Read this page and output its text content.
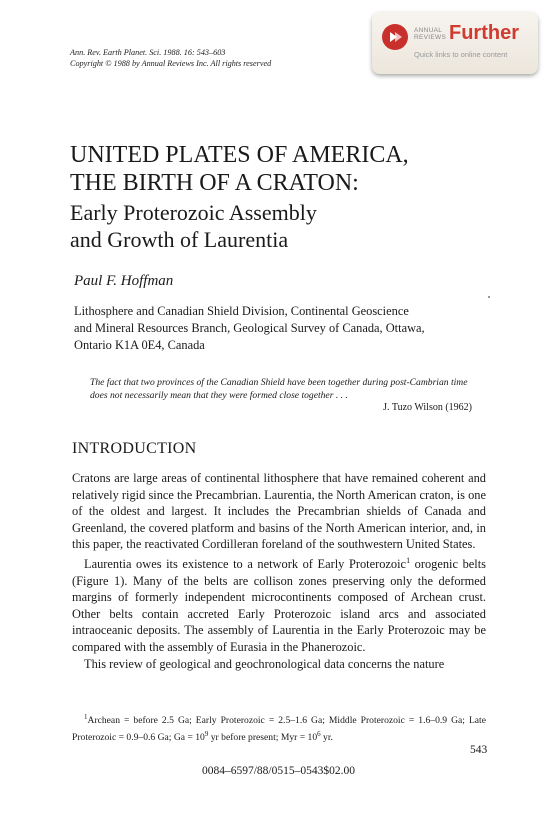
Ann. Rev. Earth Planet. Sci. 1988. 16: 543–603
Copyright © 1988 by Annual Reviews Inc. All rights reserved
ANNUAL
REVIEWS Further
Quick links to online content
UNITED PLATES OF AMERICA,
THE BIRTH OF A CRATON:
Early Proterozoic Assembly
and Growth of Laurentia
Paul F. Hoffman
Lithosphere and Canadian Shield Division, Continental Geoscience
and Mineral Resources Branch, Geological Survey of Canada, Ottawa,
Ontario K1A 0E4, Canada
The fact that two provinces of the Canadian Shield have been together during post-Cambrian time does not necessarily mean that they were formed close together . . .
J. Tuzo Wilson (1962)
INTRODUCTION

Cratons are large areas of continental lithosphere that have remained coherent and relatively rigid since the Precambrian. Laurentia, the North American craton, is one of the oldest and largest. It includes the Precambrian shields of Canada and Greenland, the covered platform and basins of the North American interior, and, in this paper, the reactivated Cordilleran foreland of the southwestern United States.

Laurentia owes its existence to a network of Early Proterozoic$^1$ orogenic belts (Figure 1). Many of the belts are collison zones preserving only the deformed margins of formerly independent microcontinents composed of Archean crust. Other belts contain accreted Early Proterozoic island arcs and associated intraoceanic deposits. The assembly of Laurentia in the Early Proterozoic may be compared with the assembly of Eurasia in the Phanerozoic.

This review of geological and geochronological data concerns the nature

$^1$Archean = before 2.5 Ga; Early Proterozoic = 2.5–1.6 Ga; Middle Proterozoic = 1.6–0.9 Ga; Late Proterozoic = 0.9–0.6 Ga; $Ga = 10^9$ yr before present; Myr = $10^6$ yr.
543
0084–6597/88/0515–0543$02.00
